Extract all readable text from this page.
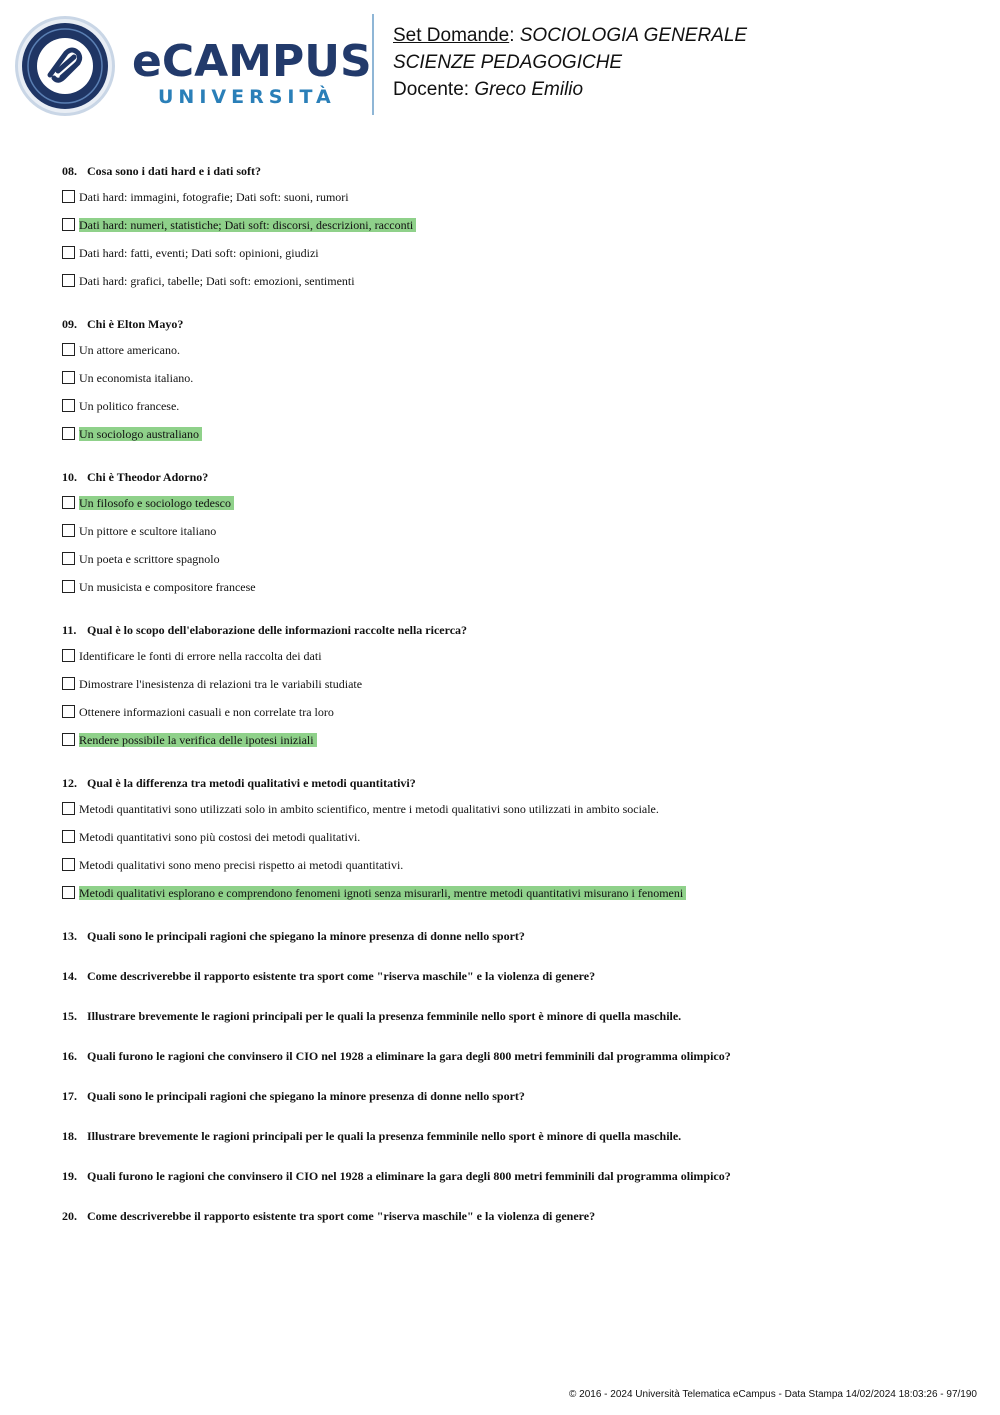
eCAMPUS
UNIVERSITÀ
Set Domande: SOCIOLOGIA GENERALE
SCIENZE PEDAGOGICHE
Docente: Greco Emilio
08. Cosa sono i dati hard e i dati soft?
Dati hard: immagini, fotografie; Dati soft: suoni, rumori
Dati hard: numeri, statistiche; Dati soft: discorsi, descrizioni, racconti
Dati hard: fatti, eventi; Dati soft: opinioni, giudizi
Dati hard: grafici, tabelle; Dati soft: emozioni, sentimenti
09. Chi è Elton Mayo?
Un attore americano.
Un economista italiano.
Un politico francese.
Un sociologo australiano
10. Chi è Theodor Adorno?
Un filosofo e sociologo tedesco
Un pittore e scultore italiano
Un poeta e scrittore spagnolo
Un musicista e compositore francese
11. Qual è lo scopo dell'elaborazione delle informazioni raccolte nella ricerca?
Identificare le fonti di errore nella raccolta dei dati
Dimostrare l'inesistenza di relazioni tra le variabili studiate
Ottenere informazioni casuali e non correlate tra loro
Rendere possibile la verifica delle ipotesi iniziali
12. Qual è la differenza tra metodi qualitativi e metodi quantitativi?
Metodi quantitativi sono utilizzati solo in ambito scientifico, mentre i metodi qualitativi sono utilizzati in ambito sociale.
Metodi quantitativi sono più costosi dei metodi qualitativi.
Metodi qualitativi sono meno precisi rispetto ai metodi quantitativi.
Metodi qualitativi esplorano e comprendono fenomeni ignoti senza misurarli, mentre metodi quantitativi misurano i fenomeni
13. Quali sono le principali ragioni che spiegano la minore presenza di donne nello sport?
14. Come descriverebbe il rapporto esistente tra sport come "riserva maschile" e la violenza di genere?
15. Illustrare brevemente le ragioni principali per le quali la presenza femminile nello sport è minore di quella maschile.
16. Quali furono le ragioni che convinsero il CIO nel 1928 a eliminare la gara degli 800 metri femminili dal programma olimpico?
17. Quali sono le principali ragioni che spiegano la minore presenza di donne nello sport?
18. Illustrare brevemente le ragioni principali per le quali la presenza femminile nello sport è minore di quella maschile.
19. Quali furono le ragioni che convinsero il CIO nel 1928 a eliminare la gara degli 800 metri femminili dal programma olimpico?
20. Come descriverebbe il rapporto esistente tra sport come "riserva maschile" e la violenza di genere?
© 2016 - 2024 Università Telematica eCampus - Data Stampa 14/02/2024 18:03:26 - 97/190
